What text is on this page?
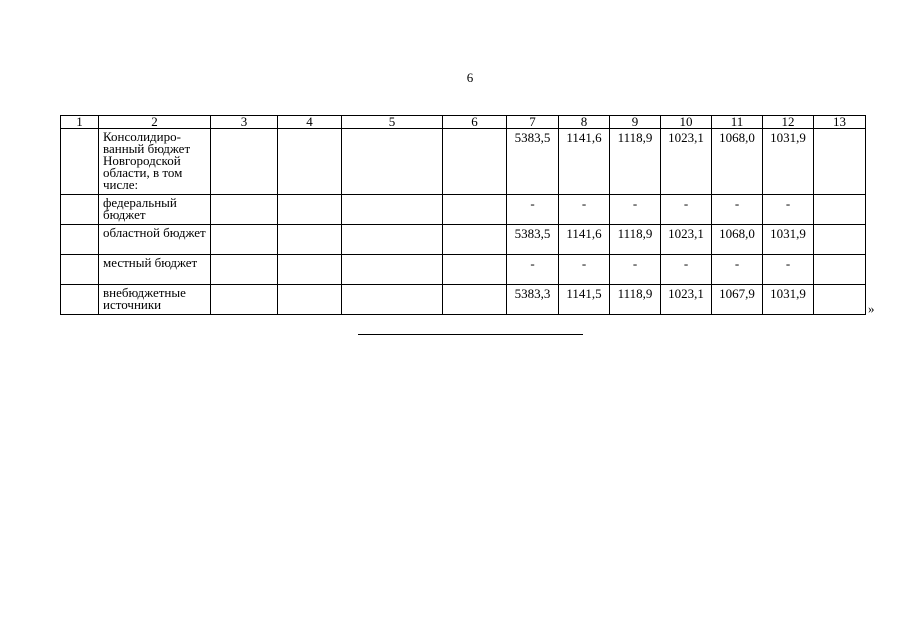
6
1	2	3	4	5	6	7	8	9	10	11	12	13
	Консолидиро-ванный бюджет Новгородской области, в том числе:					5383,5	1141,6	1118,9	1023,1	1068,0	1031,9	
	федеральный бюджет					-	-	-	-	-	-	
	областной бюджет					5383,5	1141,6	1118,9	1023,1	1068,0	1031,9	
	местный бюджет					-	-	-	-	-	-	
	внебюджетные источники					5383,3	1141,5	1118,9	1023,1	1067,9	1031,9	
»
